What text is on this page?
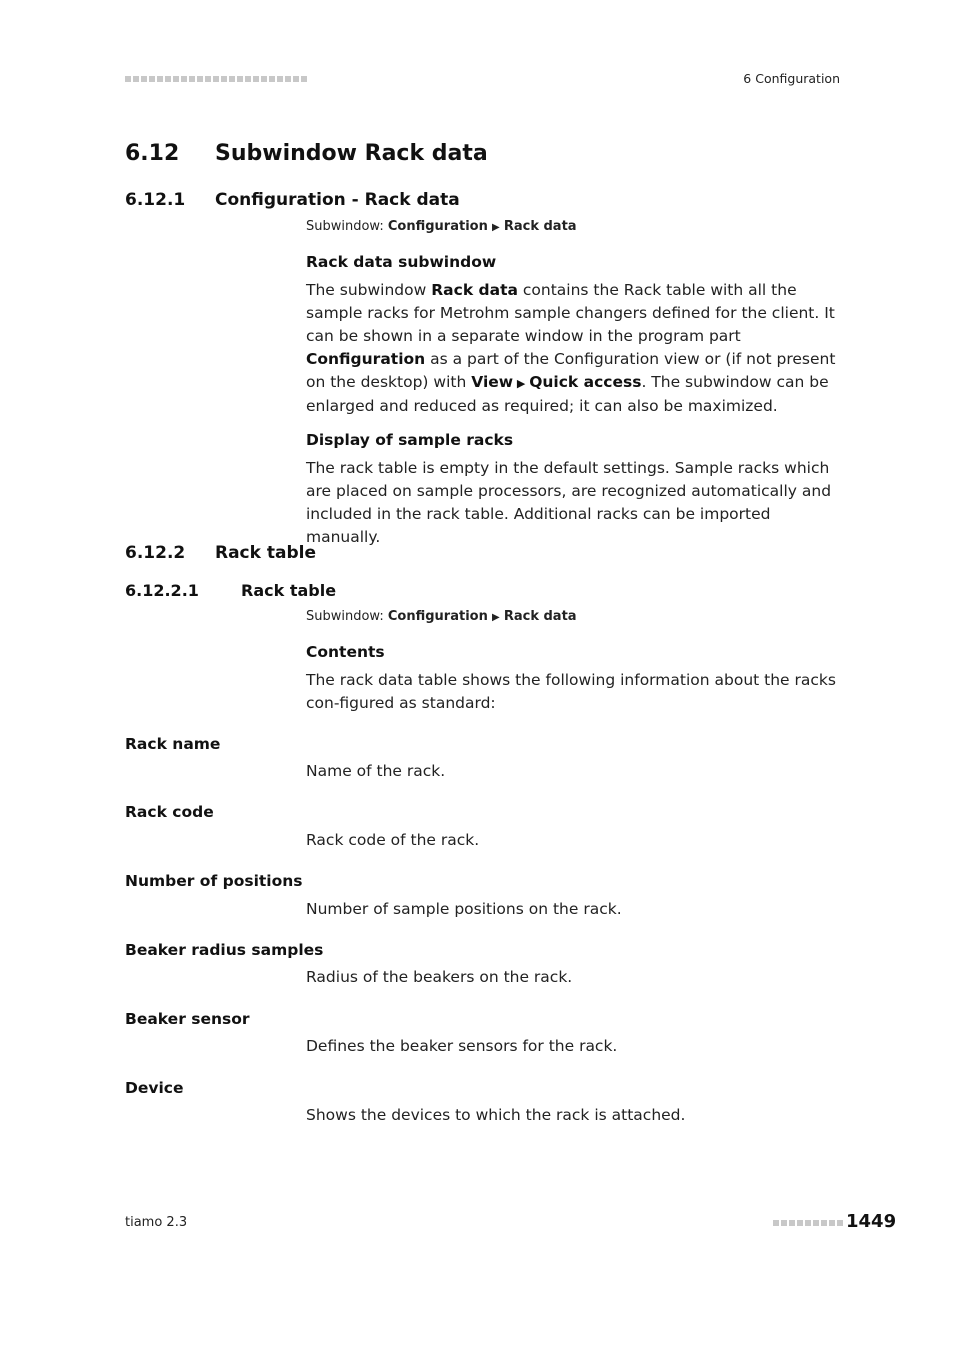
6 Configuration
6.12 Subwindow Rack data
6.12.1 Configuration - Rack data
Subwindow: Configuration ▶ Rack data
Rack data subwindow
The subwindow Rack data contains the Rack table with all the sample racks for Metrohm sample changers defined for the client. It can be shown in a separate window in the program part Configuration as a part of the Configuration view or (if not present on the desktop) with View ▶ Quick access. The subwindow can be enlarged and reduced as required; it can also be maximized.
Display of sample racks
The rack table is empty in the default settings. Sample racks which are placed on sample processors, are recognized automatically and included in the rack table. Additional racks can be imported manually.
6.12.2 Rack table
6.12.2.1	Rack table
Subwindow: Configuration ▶ Rack data
Contents
The rack data table shows the following information about the racks con-figured as standard:
Rack name
Name of the rack.
Rack code
Rack code of the rack.
Number of positions
Number of sample positions on the rack.
Beaker radius samples
Radius of the beakers on the rack.
Beaker sensor
Defines the beaker sensors for the rack.
Device
Shows the devices to which the rack is attached.
tiamo 2.3	1449
